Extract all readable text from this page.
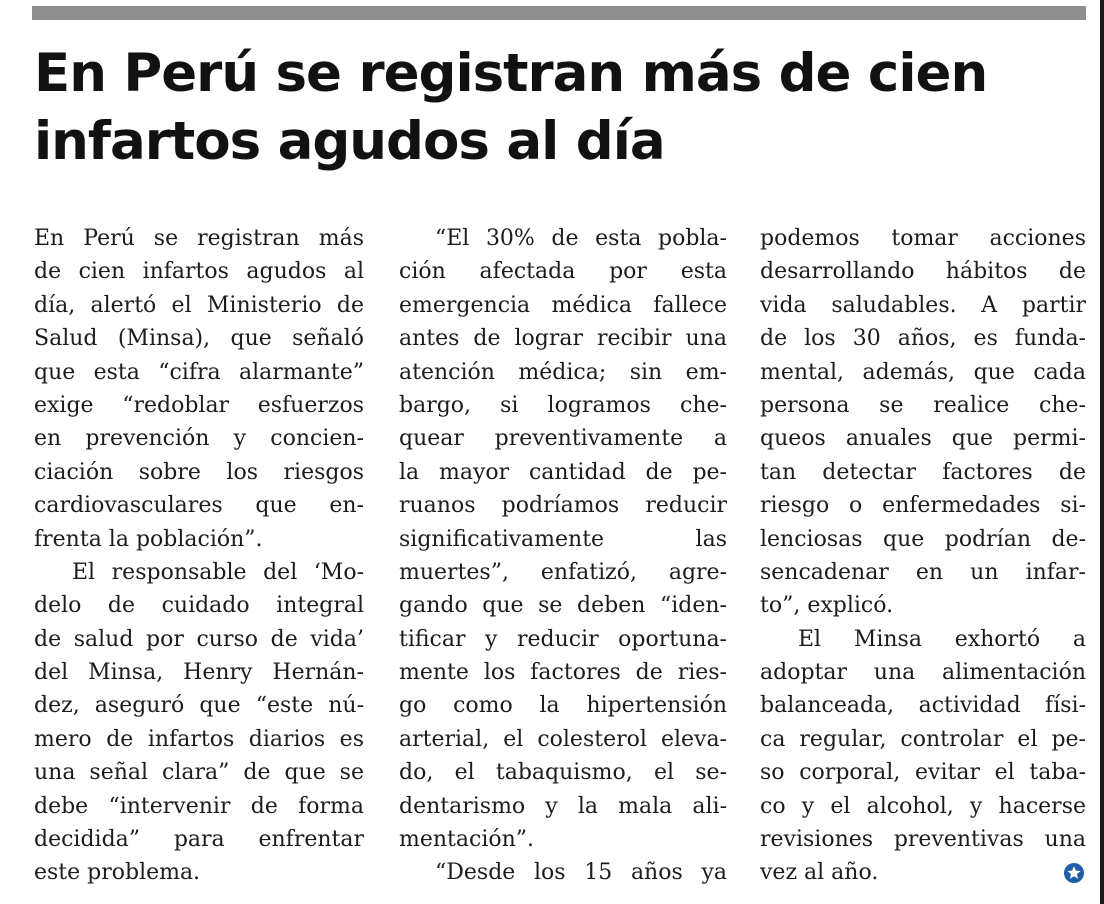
En Perú se registran más de cien
infartos agudos al día
En Perú se registran más
de cien infartos agudos al
día, alertó el Ministerio de
Salud (Minsa), que señaló
que esta “cifra alarmante”
exige “redoblar esfuerzos
en prevención y concien-
ciación sobre los riesgos
cardiovasculares que en-
frenta la población”.
El responsable del ‘Mo-
delo de cuidado integral
de salud por curso de vida’
del Minsa, Henry Hernán-
dez, aseguró que “este nú-
mero de infartos diarios es
una señal clara” de que se
debe “intervenir de forma
decidida” para enfrentar
este problema.
“El 30% de esta pobla-
ción afectada por esta
emergencia médica fallece
antes de lograr recibir una
atención médica; sin em-
bargo, si logramos che-
quear preventivamente a
la mayor cantidad de pe-
ruanos podríamos reducir
significativamente las
muertes”, enfatizó, agre-
gando que se deben “iden-
tificar y reducir oportuna-
mente los factores de ries-
go como la hipertensión
arterial, el colesterol eleva-
do, el tabaquismo, el se-
dentarismo y la mala ali-
mentación”.
“Desde los 15 años ya
podemos tomar acciones
desarrollando hábitos de
vida saludables. A partir
de los 30 años, es funda-
mental, además, que cada
persona se realice che-
queos anuales que permi-
tan detectar factores de
riesgo o enfermedades si-
lenciosas que podrían de-
sencadenar en un infar-
to”, explicó.
El Minsa exhortó a
adoptar una alimentación
balanceada, actividad físi-
ca regular, controlar el pe-
so corporal, evitar el taba-
co y el alcohol, y hacerse
revisiones preventivas una
vez al año.
